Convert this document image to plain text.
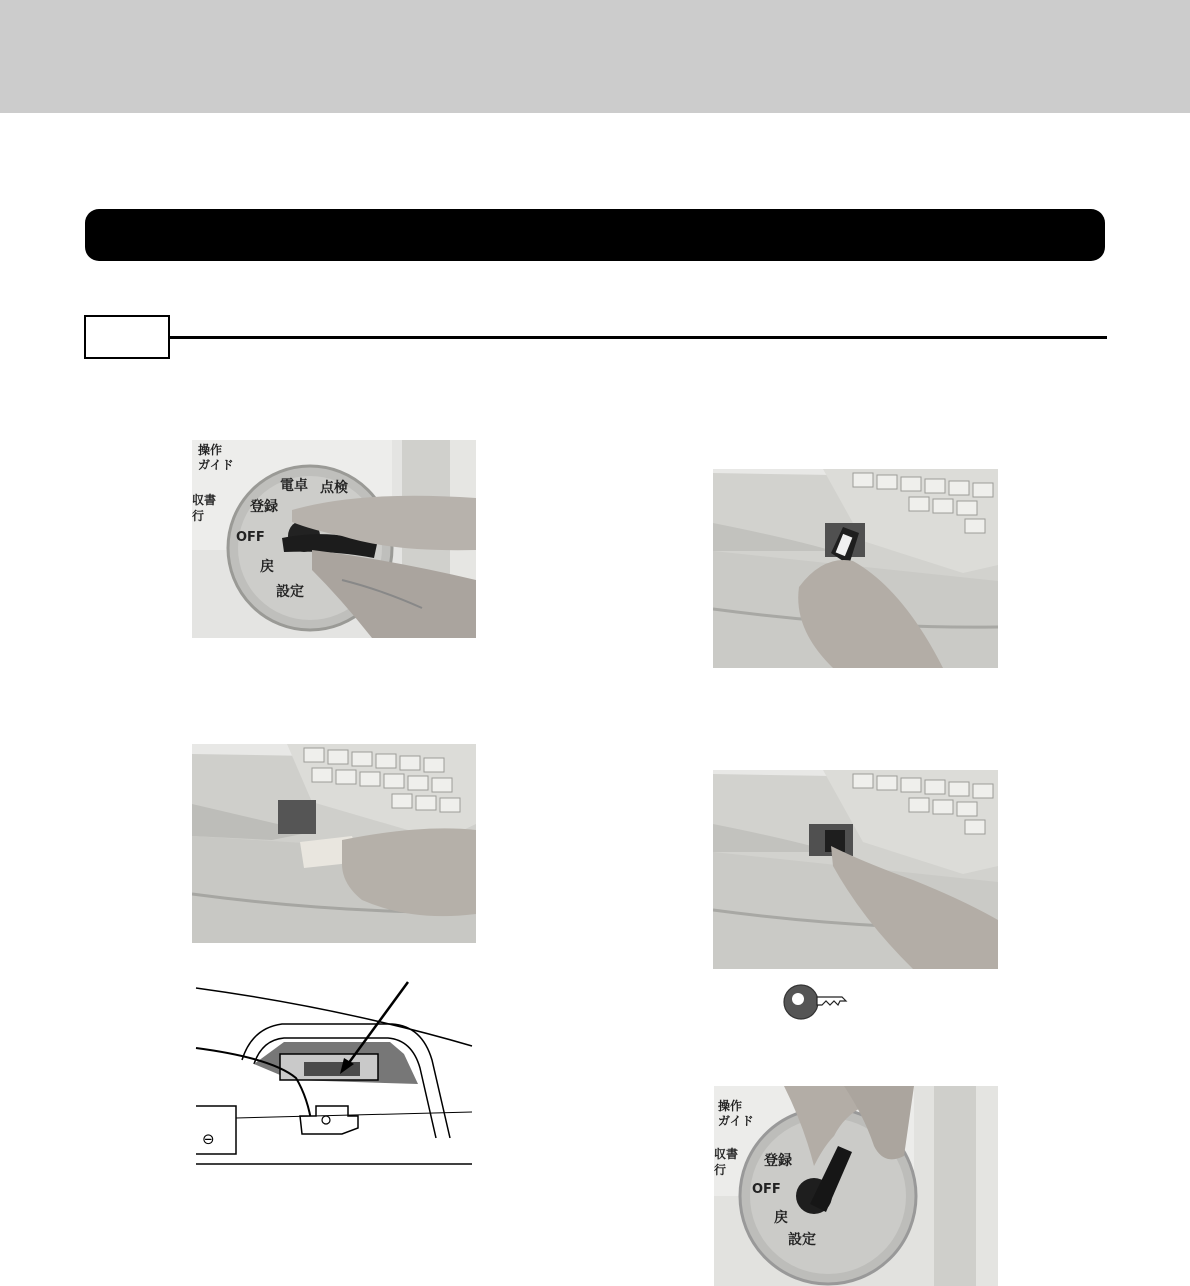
操作
ガイド
収書
行
電卓 点検
登録
OFF
戻
設定
⊖
操作
ガイド
収書
行
登録
OFF
戻
設定
